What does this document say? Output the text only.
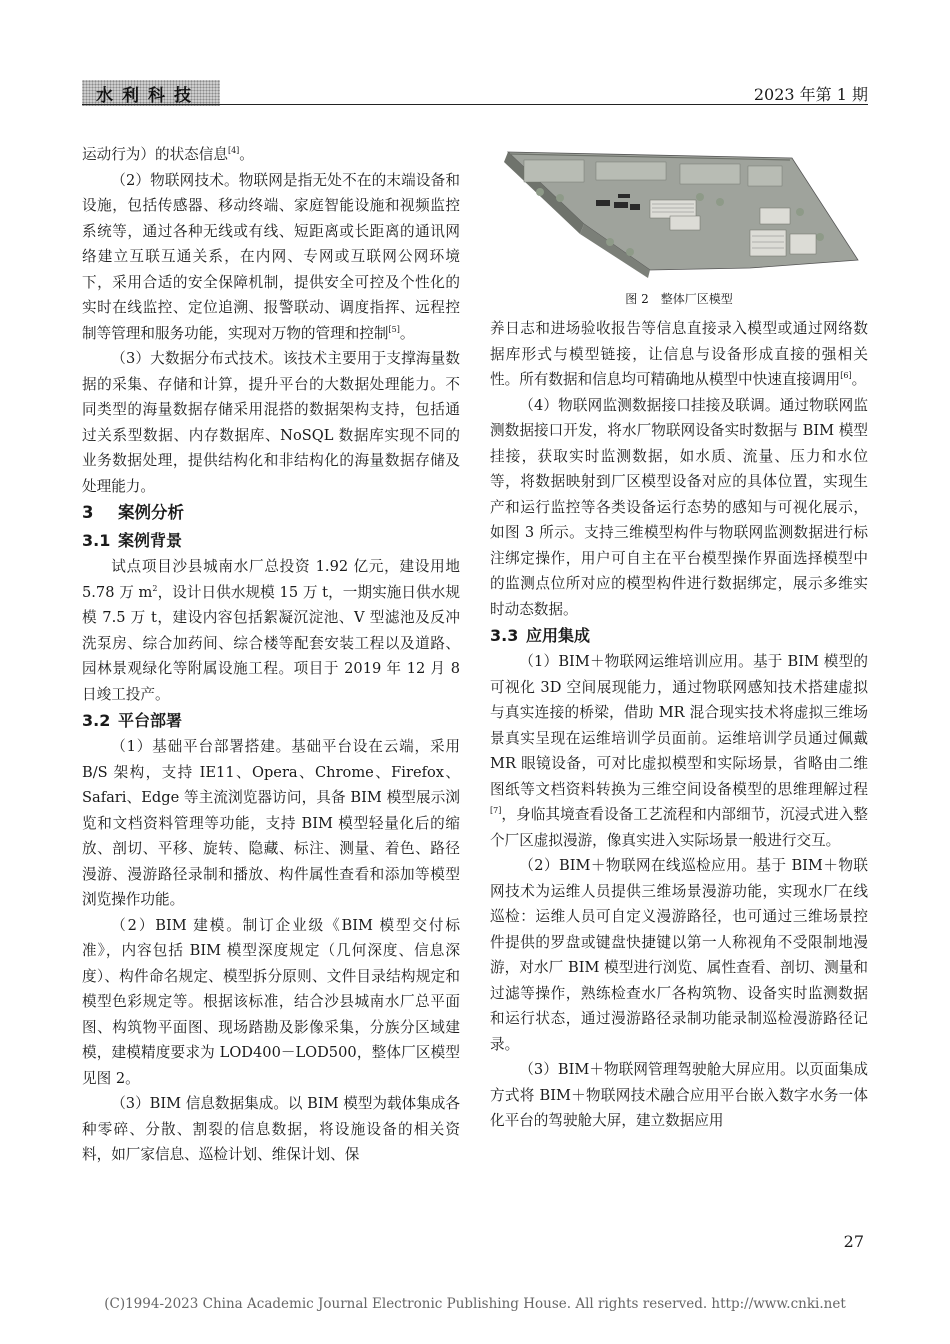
水利科技	2023 年第 1 期

运动行为）的状态信息[4]。

（2）物联网技术。物联网是指无处不在的末端设备和设施，包括传感器、移动终端、家庭智能设施和视频监控系统等，通过各种无线或有线、短距离或长距离的通讯网络建立互联互通关系，在内网、专网或互联网公网环境下，采用合适的安全保障机制，提供安全可控及个性化的实时在线监控、定位追溯、报警联动、调度指挥、远程控制等管理和服务功能，实现对万物的管理和控制[5]。

（3）大数据分布式技术。该技术主要用于支撑海量数据的采集、存储和计算，提升平台的大数据处理能力。不同类型的海量数据存储采用混搭的数据架构支持，包括通过关系型数据、内存数据库、NoSQL 数据库实现不同的业务数据处理，提供结构化和非结构化的海量数据存储及处理能力。

3 案例分析
3.1 案例背景

试点项目沙县城南水厂总投资 1.92 亿元，建设用地 5.78 万 $m^2$，设计日供水规模 15 万 t，一期实施日供水规模 7.5 万 t，建设内容包括絮凝沉淀池、V 型滤池及反冲洗泵房、综合加药间、综合楼等配套安装工程以及道路、园林景观绿化等附属设施工程。项目于 2019 年 12 月 8 日竣工投产。

3.2 平台部署

（1）基础平台部署搭建。基础平台设在云端，采用 B/S 架构，支持 IE11、Opera、Chrome、Firefox、Safari、Edge 等主流浏览器访问，具备 BIM 模型展示浏览和文档资料管理等功能，支持 BIM 模型轻量化后的缩放、剖切、平移、旋转、隐藏、标注、测量、着色、路径漫游、漫游路径录制和播放、构件属性查看和添加等模型浏览操作功能。

（2）BIM 建模。制订企业级《BIM 模型交付标准》，内容包括 BIM 模型深度规定（几何深度、信息深度）、构件命名规定、模型拆分原则、文件目录结构规定和模型色彩规定等。根据该标准，结合沙县城南水厂总平面图、构筑物平面图、现场踏勘及影像采集，分族分区域建模，建模精度要求为 LOD400－LOD500，整体厂区模型见图 2。

（3）BIM 信息数据集成。以 BIM 模型为载体集成各种零碎、分散、割裂的信息数据，将设施设备的相关资料，如厂家信息、巡检计划、维保计划、保

图 2　整体厂区模型

养日志和进场验收报告等信息直接录入模型或通过网络数据库形式与模型链接，让信息与设备形成直接的强相关性。所有数据和信息均可精确地从模型中快速直接调用[6]。

（4）物联网监测数据接口挂接及联调。通过物联网监测数据接口开发，将水厂物联网设备实时数据与 BIM 模型挂接，获取实时监测数据，如水质、流量、压力和水位等，将数据映射到厂区模型设备对应的具体位置，实现生产和运行监控等各类设备运行态势的感知与可视化展示，如图 3 所示。支持三维模型构件与物联网监测数据进行标注绑定操作，用户可自主在平台模型操作界面选择模型中的监测点位所对应的模型构件进行数据绑定，展示多维实时动态数据。

3.3 应用集成

（1）BIM＋物联网运维培训应用。基于 BIM 模型的可视化 3D 空间展现能力，通过物联网感知技术搭建虚拟与真实连接的桥梁，借助 MR 混合现实技术将虚拟三维场景真实呈现在运维培训学员面前。运维培训学员通过佩戴 MR 眼镜设备，可对比虚拟模型和实际场景，省略由二维图纸等文档资料转换为三维空间设备模型的思维理解过程[7]，身临其境查看设备工艺流程和内部细节，沉浸式进入整个厂区虚拟漫游，像真实进入实际场景一般进行交互。

（2）BIM＋物联网在线巡检应用。基于 BIM＋物联网技术为运维人员提供三维场景漫游功能，实现水厂在线巡检：运维人员可自定义漫游路径，也可通过三维场景控件提供的罗盘或键盘快捷键以第一人称视角不受限制地漫游，对水厂 BIM 模型进行浏览、属性查看、剖切、测量和过滤等操作，熟练检查水厂各构筑物、设备实时监测数据和运行状态，通过漫游路径录制功能录制巡检漫游路径记录。

（3）BIM＋物联网管理驾驶舱大屏应用。以页面集成方式将 BIM＋物联网技术融合应用平台嵌入数字水务一体化平台的驾驶舱大屏，建立数据应用

27
(C)1994-2023 China Academic Journal Electronic Publishing House. All rights reserved. http://www.cnki.net
